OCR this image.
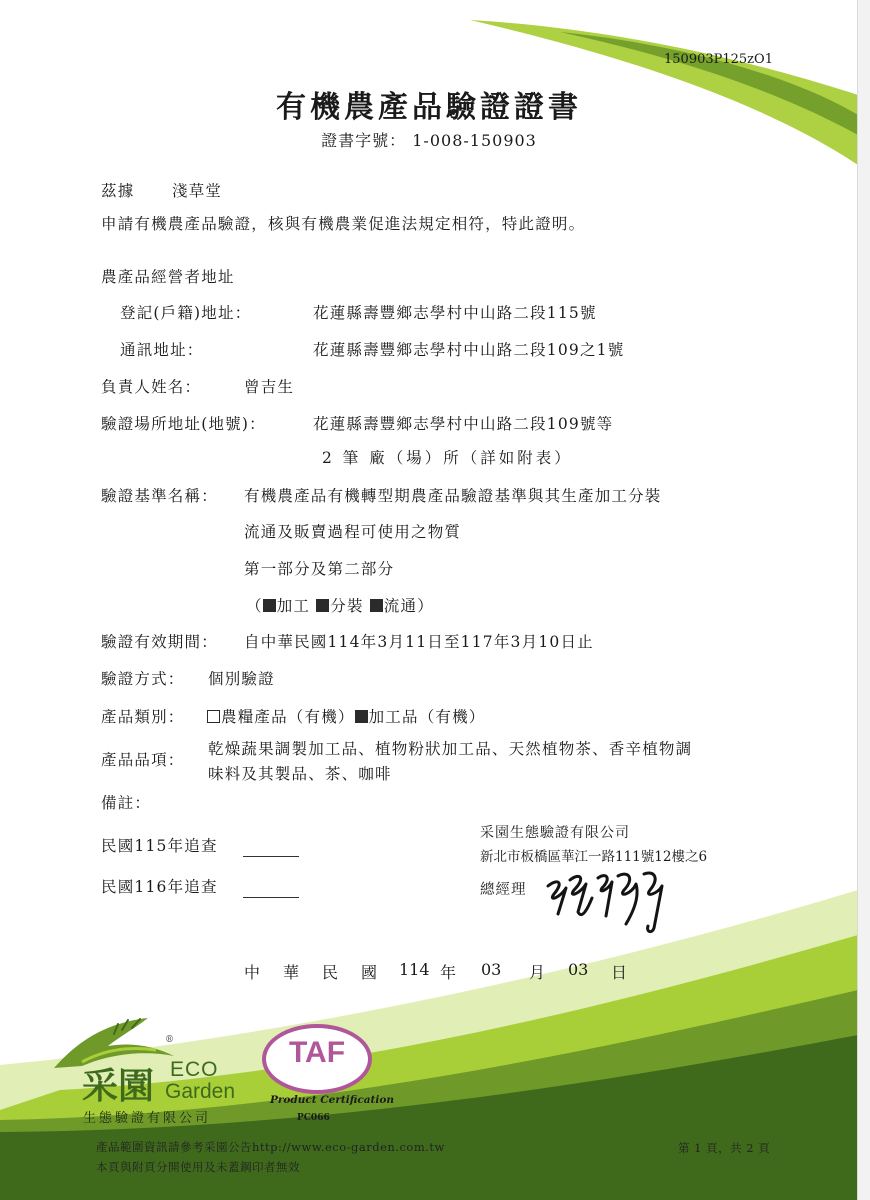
150903P125zO1
有機農產品驗證證書
證書字號： 1-008-150903
茲據 淺草堂
申請有機農產品驗證，核與有機農業促進法規定相符，特此證明。
農產品經營者地址
登記(戶籍)地址：	花蓮縣壽豐鄉志學村中山路二段115號
通訊地址：	花蓮縣壽豐鄉志學村中山路二段109之1號
負責人姓名：	曾吉生
驗證場所地址(地號)：	花蓮縣壽豐鄉志學村中山路二段109號等
2 筆 廠（場）所（詳如附表）
驗證基準名稱： 有機農產品有機轉型期農產品驗證基準與其生產加工分裝
流通及販賣過程可使用之物質
第一部分及第二部分
（ 加工 分裝 流通）
驗證有效期間： 自中華民國114年3月11日至117年3月10日止
驗證方式： 個別驗證
產品類別：	農糧產品（有機） 加工品（有機）
產品品項：
乾燥蔬果調製加工品、植物粉狀加工品、天然植物茶、香辛植物調
味料及其製品、茶、咖啡
備註：
民國115年追查
民國116年追查
采園生態驗證有限公司
新北市板橋區華江一路111號12樓之6
總經理
中 華 民 國 114 年 03 月 03 日
®
采園 ECO
Garden
生態驗證有限公司
TAF
Product Certification
PC066
產品範圍資訊請參考采園公告http://www.eco-garden.com.tw
本頁與附頁分開使用及未蓋鋼印者無效
第 1 頁，共 2 頁
